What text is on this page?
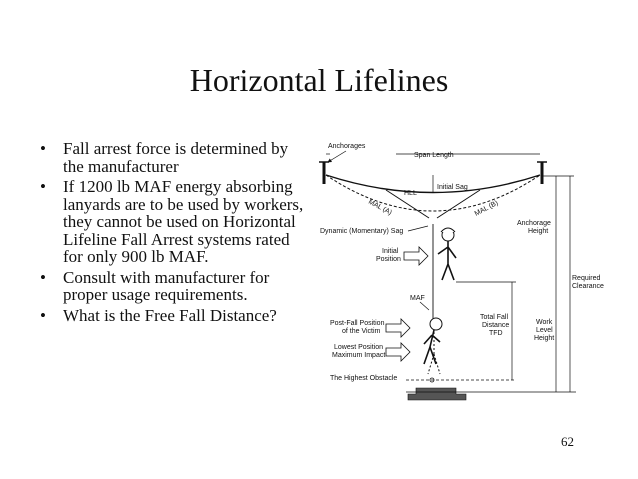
Horizontal Lifelines
• Fall arrest force is determined by the manufacturer
• If 1200 lb MAF energy absorbing lanyards are to be used by workers, they cannot be used on Horizontal Lifeline Fall Arrest systems rated for only 900 lb MAF.
• Consult with manufacturer for proper usage requirements.
• What is the Free Fall Distance?
Anchorages
Span Length
HLL
Initial Sag
MAL (A)	MAL (B)
Dynamic (Momentary) Sag
Anchorage
Height
Required
Clearance
Initial
Position
MAF
Post-Fall Position
of the Victim
Lowest Position
Maximum Impact
Total Fall
Distance
TFD
Work
Level
Height
The Highest Obstacle
62
